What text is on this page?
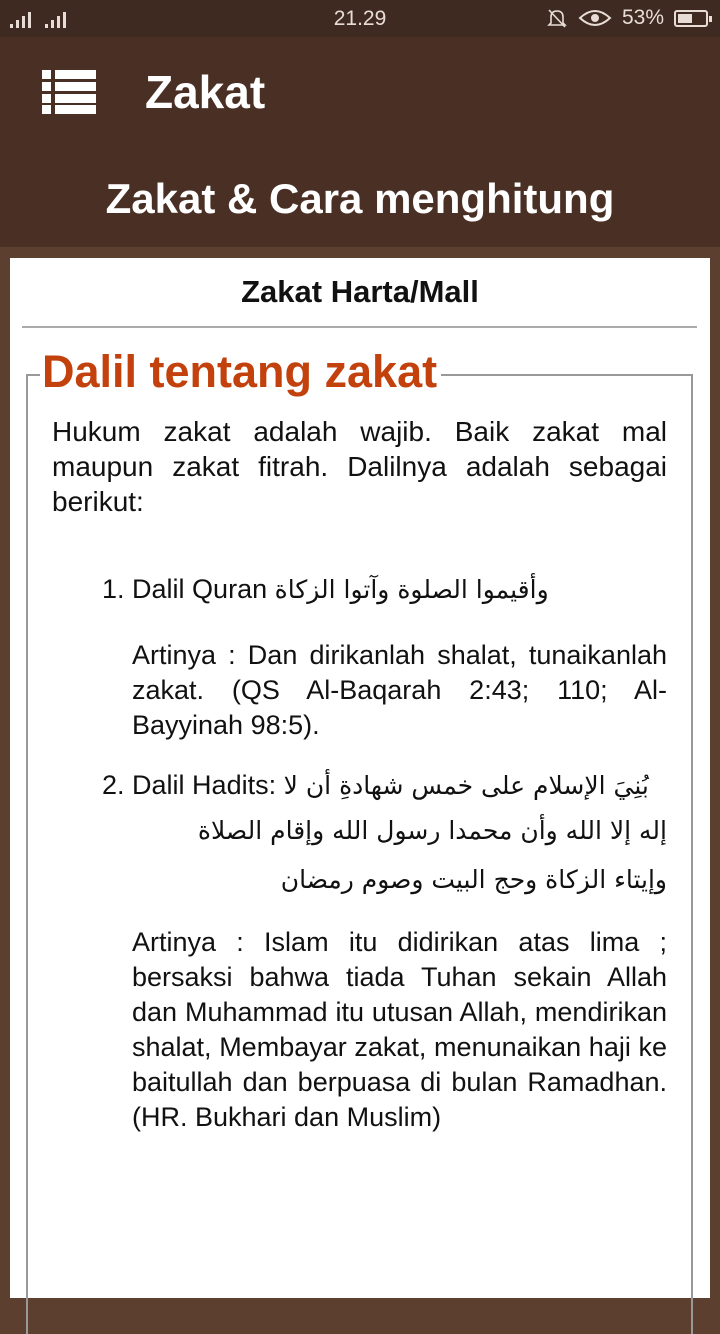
21.29	53%
Zakat
Zakat & Cara menghitung
Zakat Harta/Mall
Dalil tentang zakat
Hukum zakat adalah wajib. Baik zakat mal maupun zakat fitrah. Dalilnya adalah sebagai berikut:
1. Dalil Quran وأقيموا الصلوة وآتوا الزكاة
Artinya : Dan dirikanlah shalat, tunaikanlah zakat. (QS Al-Baqarah 2:43; 110; Al-Bayyinah 98:5).
2. Dalil Hadits: بُنِيَ الإسلام على خمس شهادةِ أن لا
إله إلا الله وأن محمدا رسول الله وإقام الصلاة
وإيتاء الزكاة وحج البيت وصوم رمضان
Artinya : Islam itu didirikan atas lima ; bersaksi bahwa tiada Tuhan sekain Allah dan Muhammad itu utusan Allah, mendirikan shalat, Membayar zakat, menunaikan haji ke baitullah dan berpuasa di bulan Ramadhan. (HR. Bukhari dan Muslim)
